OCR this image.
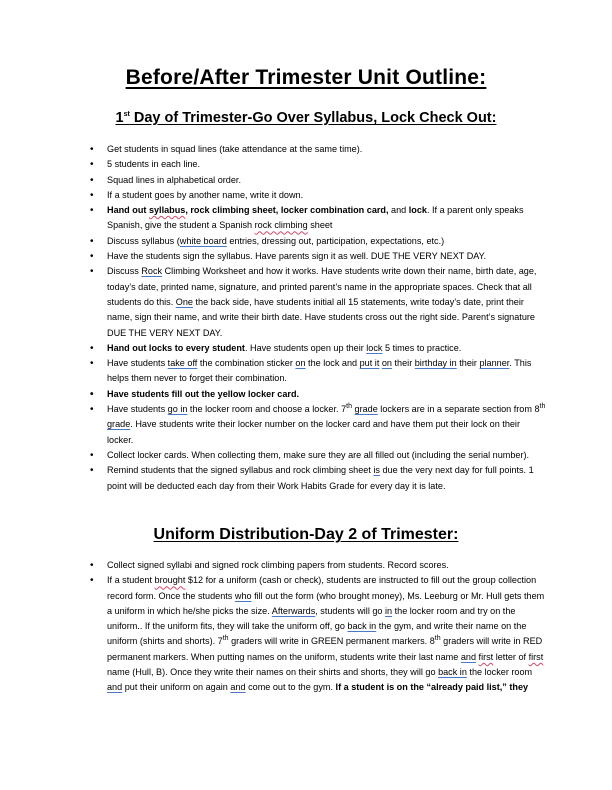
Before/After Trimester Unit Outline:
1st Day of Trimester-Go Over Syllabus, Lock Check Out:
• Get students in squad lines (take attendance at the same time).
• 5 students in each line.
• Squad lines in alphabetical order.
• If a student goes by another name, write it down.
• Hand out syllabus, rock climbing sheet, locker combination card, and lock. If a parent only speaks Spanish, give the student a Spanish rock climbing sheet
• Discuss syllabus (white board entries, dressing out, participation, expectations, etc.)
• Have the students sign the syllabus. Have parents sign it as well. DUE THE VERY NEXT DAY.
• Discuss Rock Climbing Worksheet and how it works. Have students write down their name, birth date, age, today’s date, printed name, signature, and printed parent’s name in the appropriate spaces. Check that all students do this. One the back side, have students initial all 15 statements, write today’s date, print their name, sign their name, and write their birth date. Have students cross out the right side. Parent’s signature DUE THE VERY NEXT DAY.
• Hand out locks to every student. Have students open up their lock 5 times to practice.
• Have students take off the combination sticker on the lock and put it on their birthday in their planner. This helps them never to forget their combination.
• Have students fill out the yellow locker card.
• Have students go in the locker room and choose a locker. 7th grade lockers are in a separate section from 8th grade. Have students write their locker number on the locker card and have them put their lock on their locker.
• Collect locker cards. When collecting them, make sure they are all filled out (including the serial number).
• Remind students that the signed syllabus and rock climbing sheet is due the very next day for full points. 1 point will be deducted each day from their Work Habits Grade for every day it is late.
Uniform Distribution-Day 2 of Trimester:
• Collect signed syllabi and signed rock climbing papers from students. Record scores.
• If a student brought $12 for a uniform (cash or check), students are instructed to fill out the group collection record form. Once the students who fill out the form (who brought money), Ms. Leeburg or Mr. Hull gets them a uniform in which he/she picks the size. Afterwards, students will go in the locker room and try on the uniform.. If the uniform fits, they will take the uniform off, go back in the gym, and write their name on the uniform (shirts and shorts). 7th graders will write in GREEN permanent markers. 8th graders will write in RED permanent markers. When putting names on the uniform, students write their last name and first letter of first name (Hull, B). Once they write their names on their shirts and shorts, they will go back in the locker room and put their uniform on again and come out to the gym. If a student is on the “already paid list,” they
